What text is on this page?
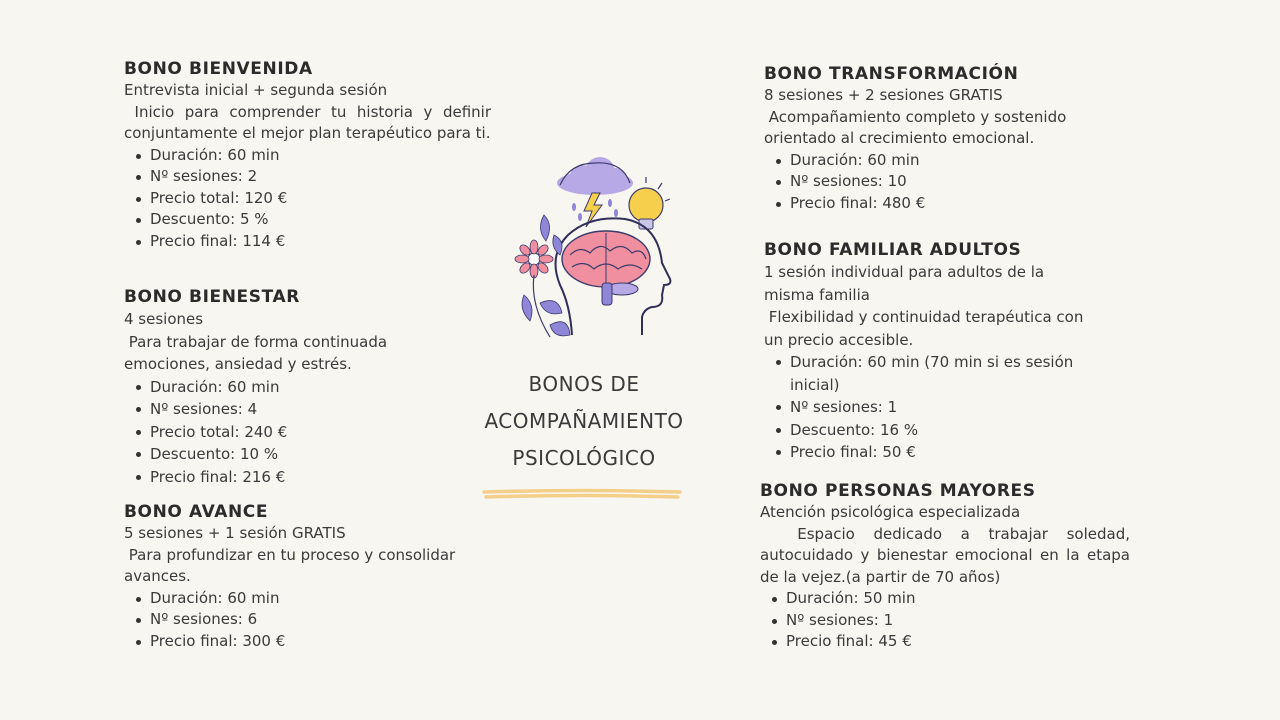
BONO BIENVENIDA

Entrevista inicial + segunda sesión

Inicio para comprender tu historia y definir conjuntamente el mejor plan terapéutico para ti.

Duración: 60 min
Nº sesiones: 2
Precio total: 120 €
Descuento: 5 %
Precio final: 114 €
BONO BIENESTAR

4 sesiones

Para trabajar de forma continuada emociones, ansiedad y estrés.

Duración: 60 min
Nº sesiones: 4
Precio total: 240 €
Descuento: 10 %
Precio final: 216 €
BONO AVANCE

5 sesiones + 1 sesión GRATIS

Para profundizar en tu proceso y consolidar avances.

Duración: 60 min
Nº sesiones: 6
Precio final: 300 €
BONOS DE
ACOMPAÑAMIENTO
PSICOLÓGICO
BONO TRANSFORMACIÓN

8 sesiones + 2 sesiones GRATIS

Acompañamiento completo y sostenido orientado al crecimiento emocional.

Duración: 60 min
Nº sesiones: 10
Precio final: 480 €
BONO FAMILIAR ADULTOS

1 sesión individual para adultos de la misma familia

Flexibilidad y continuidad terapéutica con un precio accesible.

Duración: 60 min (70 min si es sesión inicial)
Nº sesiones: 1
Descuento: 16 %
Precio final: 50 €
BONO PERSONAS MAYORES

Atención psicológica especializada

Espacio dedicado a trabajar soledad, autocuidado y bienestar emocional en la etapa de la vejez.(a partir de 70 años)

Duración: 50 min
Nº sesiones: 1
Precio final: 45 €
